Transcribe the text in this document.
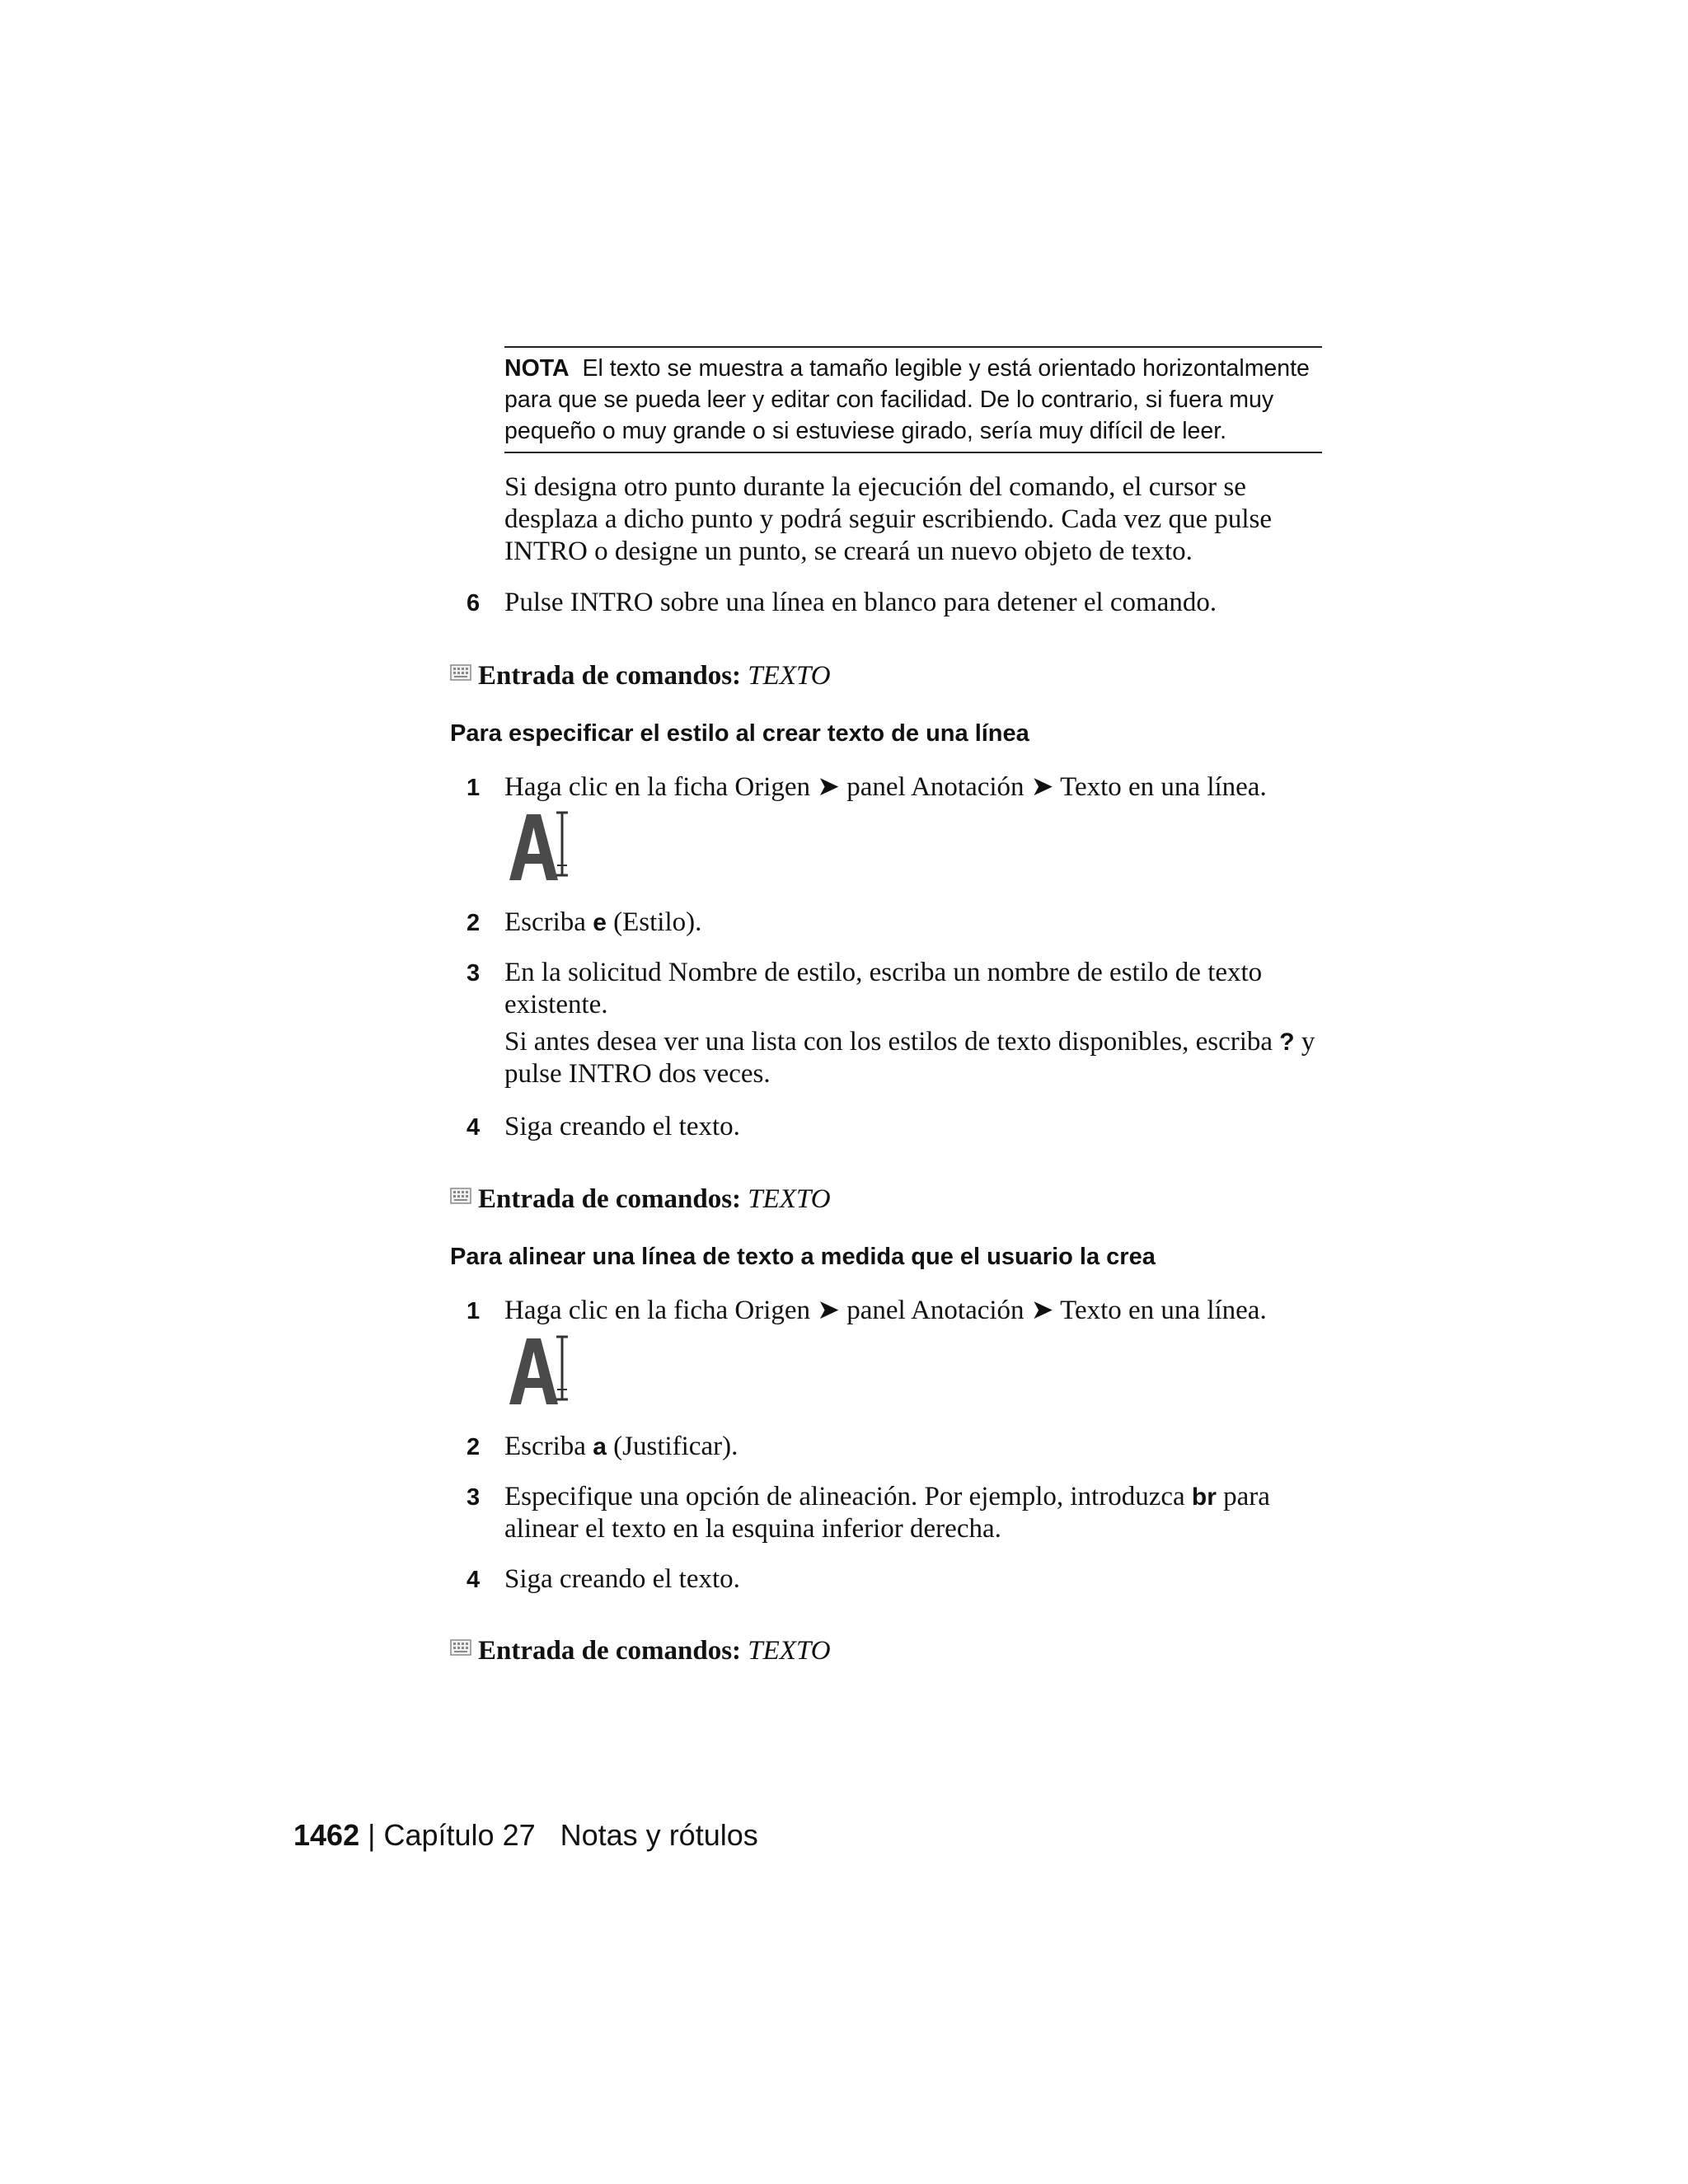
NOTA El texto se muestra a tamaño legible y está orientado horizontalmente para que se pueda leer y editar con facilidad. De lo contrario, si fuera muy pequeño o muy grande o si estuviese girado, sería muy difícil de leer.
Si designa otro punto durante la ejecución del comando, el cursor se desplaza a dicho punto y podrá seguir escribiendo. Cada vez que pulse INTRO o designe un punto, se creará un nuevo objeto de texto.
6 Pulse INTRO sobre una línea en blanco para detener el comando.
Entrada de comandos: TEXTO
Para especificar el estilo al crear texto de una línea
1 Haga clic en la ficha Origen ➤ panel Anotación ➤ Texto en una línea.
2 Escriba e (Estilo).
3 En la solicitud Nombre de estilo, escriba un nombre de estilo de texto existente.
Si antes desea ver una lista con los estilos de texto disponibles, escriba ? y pulse INTRO dos veces.
4 Siga creando el texto.
Entrada de comandos: TEXTO
Para alinear una línea de texto a medida que el usuario la crea
1 Haga clic en la ficha Origen ➤ panel Anotación ➤ Texto en una línea.
2 Escriba a (Justificar).
3 Especifique una opción de alineación. Por ejemplo, introduzca br para alinear el texto en la esquina inferior derecha.
4 Siga creando el texto.
Entrada de comandos: TEXTO
1462 | Capítulo 27 Notas y rótulos
